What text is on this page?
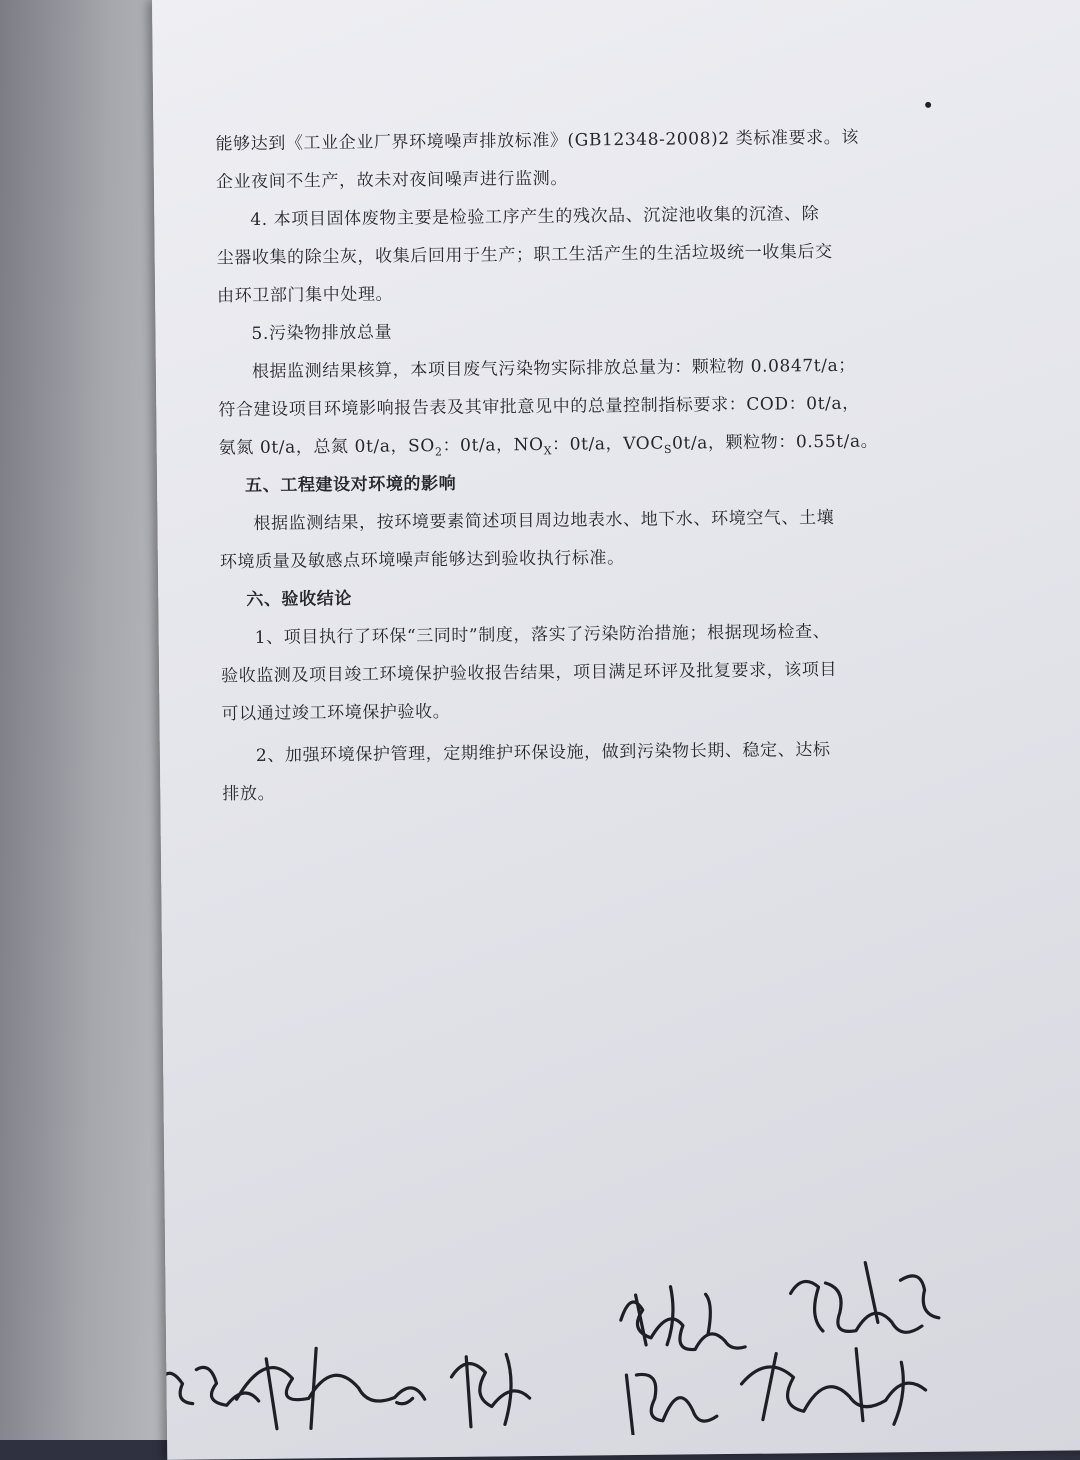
能够达到《工业企业厂界环境噪声排放标准》(GB12348-2008)2 类标准要求。该
企业夜间不生产，故未对夜间噪声进行监测。
4. 本项目固体废物主要是检验工序产生的残次品、沉淀池收集的沉渣、除
尘器收集的除尘灰，收集后回用于生产；职工生活产生的生活垃圾统一收集后交
由环卫部门集中处理。
5.污染物排放总量
根据监测结果核算，本项目废气污染物实际排放总量为：颗粒物 0.0847t/a；
符合建设项目环境影响报告表及其审批意见中的总量控制指标要求：COD：0t/a，
氨氮 0t/a，总氮 0t/a，$SO_2$：0t/a，$NO_X$：0t/a，$VOC_S0t/a$，颗粒物：0.55t/a。
五、工程建设对环境的影响
根据监测结果，按环境要素简述项目周边地表水、地下水、环境空气、土壤
环境质量及敏感点环境噪声能够达到验收执行标准。
六、验收结论
1、项目执行了环保“三同时”制度，落实了污染防治措施；根据现场检查、
验收监测及项目竣工环境保护验收报告结果，项目满足环评及批复要求，该项目
可以通过竣工环境保护验收。
2、加强环境保护管理，定期维护环保设施，做到污染物长期、稳定、达标
排放。
